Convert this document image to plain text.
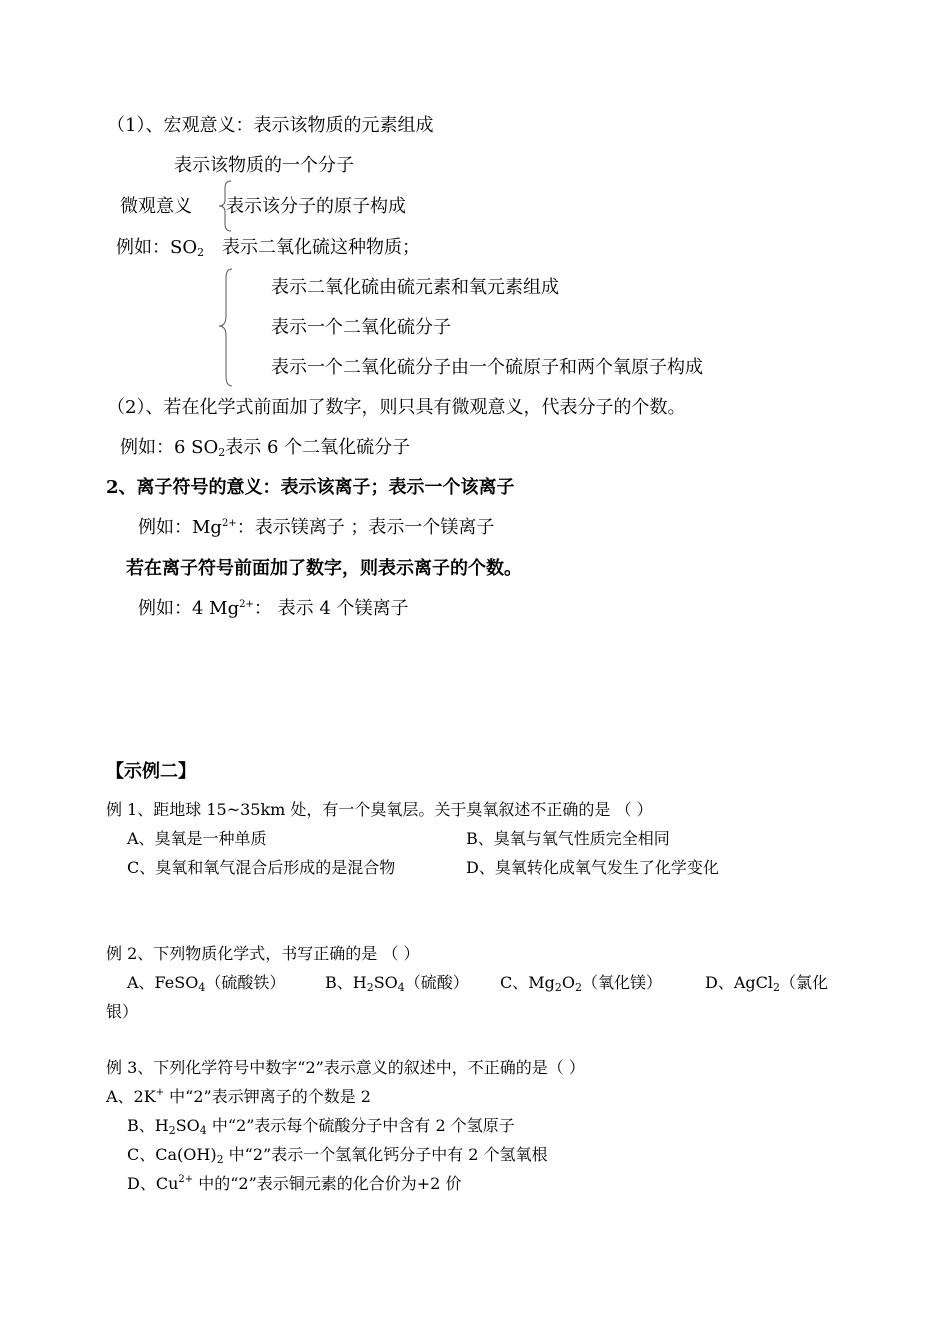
（1）、宏观意义：表示该物质的元素组成
表示该物质的一个分子
微观意义 表示该分子的原子构成
例如：$SO_2$ 表示二氧化硫这种物质；
表示二氧化硫由硫元素和氧元素组成
表示一个二氧化硫分子
表示一个二氧化硫分子由一个硫原子和两个氧原子构成
（2）、若在化学式前面加了数字，则只具有微观意义，代表分子的个数。
例如：6 $SO_2$表示 6 个二氧化硫分子
2、离子符号的意义：表示该离子；表示一个该离子
例如：$Mg^{2+}$：表示镁离子 ；表示一个镁离子
若在离子符号前面加了数字，则表示离子的个数。
例如：4 $Mg^{2+}$： 表示 4 个镁离子
【示例二】
例 1、距地球 15~35km 处，有一个臭氧层。关于臭氧叙述不正确的是 （ ）
A、臭氧是一种单质	B、臭氧与氧气性质完全相同
C、臭氧和氧气混合后形成的是混合物	D、臭氧转化成氧气发生了化学变化
例 2、下列物质化学式，书写正确的是 （ ）
A、FeSO$_4$（硫酸铁） B、$H_2SO_4$（硫酸） C、$Mg_2O_2$（氧化镁）	D、AgCl$_2$（氯化
银）
例 3、下列化学符号中数字“2”表示意义的叙述中，不正确的是（ ）
A、2K+ 中“2”表示钾离子的个数是 2
B、$H_2SO_4$ 中“2”表示每个硫酸分子中含有 2 个氢原子
C、$Ca(OH)_2$ 中“2”表示一个氢氧化钙分子中有 2 个氢氧根
D、$Cu^{2+}$ 中的“2”表示铜元素的化合价为+2 价
